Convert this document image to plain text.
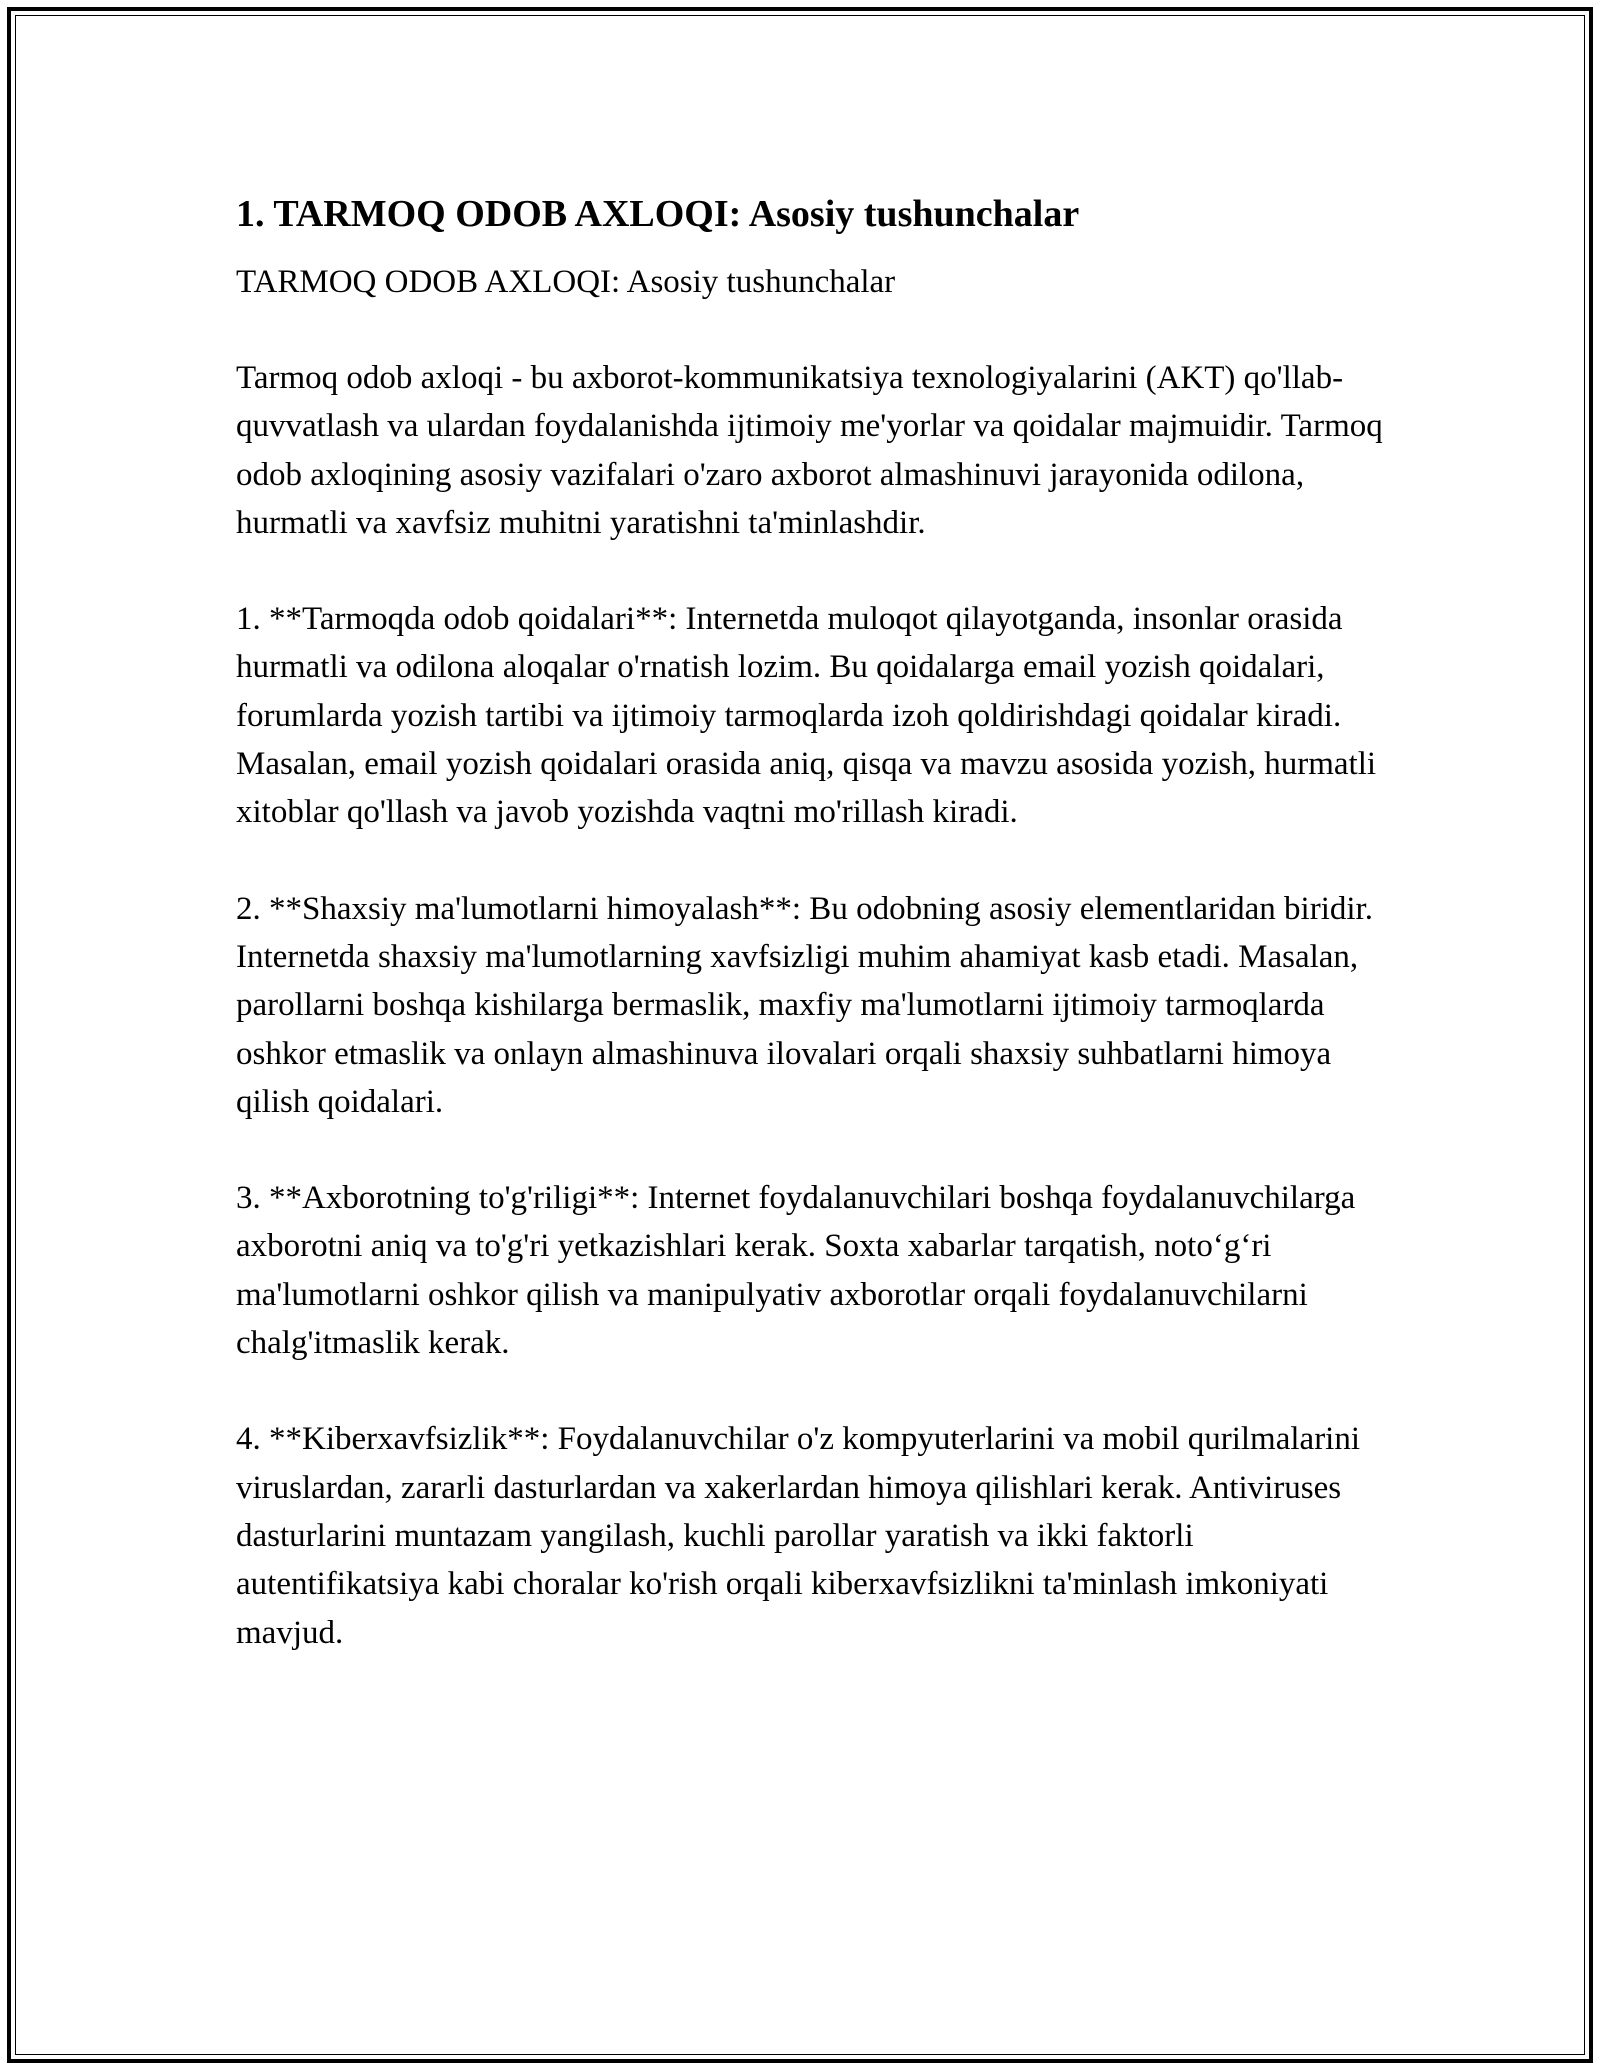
1. TARMOQ ODOB AXLOQI: Asosiy tushunchalar

TARMOQ ODOB AXLOQI: Asosiy tushunchalar

Tarmoq odob axloqi - bu axborot-kommunikatsiya texnologiyalarini (AKT) qo'llab-quvvatlash va ulardan foydalanishda ijtimoiy me'yorlar va qoidalar majmuidir. Tarmoq odob axloqining asosiy vazifalari o'zaro axborot almashinuvi jarayonida odilona, hurmatli va xavfsiz muhitni yaratishni ta'minlashdir.

1. **Tarmoqda odob qoidalari**: Internetda muloqot qilayotganda, insonlar orasida hurmatli va odilona aloqalar o'rnatish lozim. Bu qoidalarga email yozish qoidalari, forumlarda yozish tartibi va ijtimoiy tarmoqlarda izoh qoldirishdagi qoidalar kiradi. Masalan, email yozish qoidalari orasida aniq, qisqa va mavzu asosida yozish, hurmatli xitoblar qo'llash va javob yozishda vaqtni mo'rillash kiradi.

2. **Shaxsiy ma'lumotlarni himoyalash**: Bu odobning asosiy elementlaridan biridir. Internetda shaxsiy ma'lumotlarning xavfsizligi muhim ahamiyat kasb etadi. Masalan, parollarni boshqa kishilarga bermaslik, maxfiy ma'lumotlarni ijtimoiy tarmoqlarda oshkor etmaslik va onlayn almashinuva ilovalari orqali shaxsiy suhbatlarni himoya qilish qoidalari.

3. **Axborotning to'g'riligi**: Internet foydalanuvchilari boshqa foydalanuvchilarga axborotni aniq va to'g'ri yetkazishlari kerak. Soxta xabarlar tarqatish, noto‘g‘ri ma'lumotlarni oshkor qilish va manipulyativ axborotlar orqali foydalanuvchilarni chalg'itmaslik kerak.

4. **Kiberxavfsizlik**: Foydalanuvchilar o'z kompyuterlarini va mobil qurilmalarini viruslardan, zararli dasturlardan va xakerlardan himoya qilishlari kerak. Antiviruses dasturlarini muntazam yangilash, kuchli parollar yaratish va ikki faktorli autentifikatsiya kabi choralar ko'rish orqali kiberxavfsizlikni ta'minlash imkoniyati mavjud.
